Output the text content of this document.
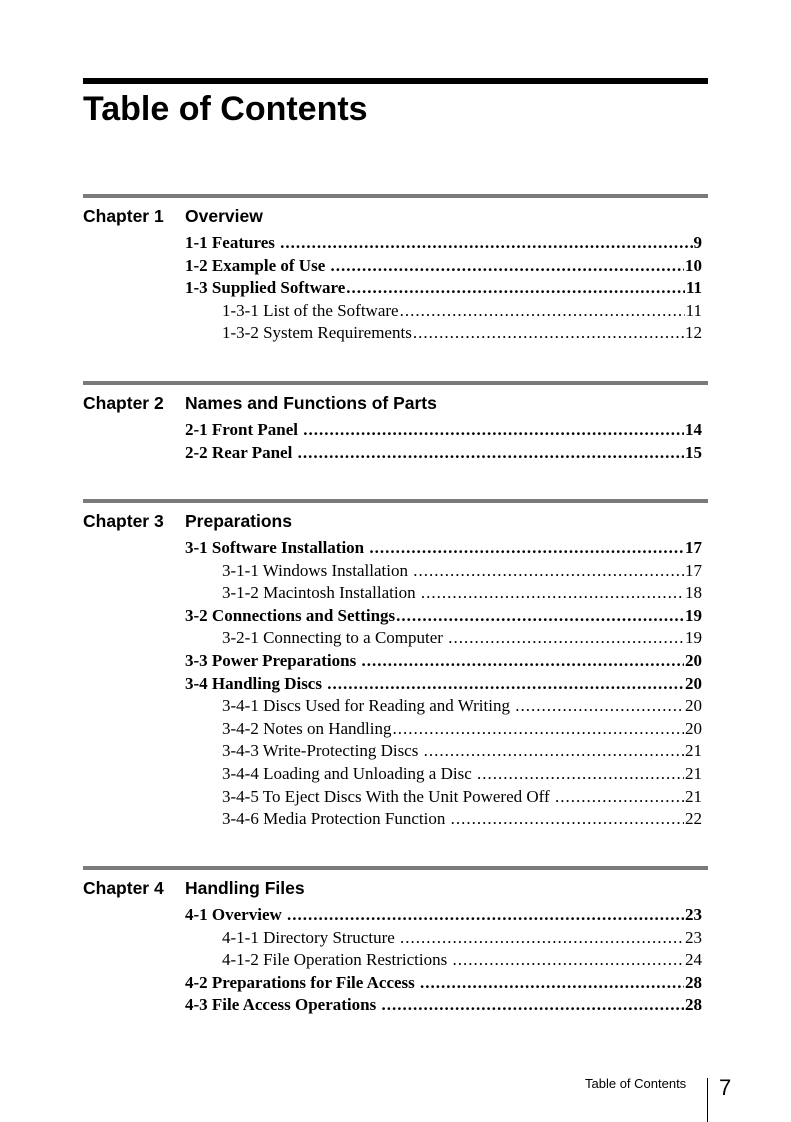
Table of Contents
Chapter 1 Overview
1-1 Features .....	9
1-2 Example of Use .....	10
1-3 Supplied Software .....	11
1-3-1 List of the Software .....	11
1-3-2 System Requirements .....	12
Chapter 2 Names and Functions of Parts
2-1 Front Panel .....	14
2-2 Rear Panel .....	15
Chapter 3 Preparations
3-1 Software Installation .....	17
3-1-1 Windows Installation .....	17
3-1-2 Macintosh Installation .....	18
3-2 Connections and Settings .....	19
3-2-1 Connecting to a Computer .....	19
3-3 Power Preparations .....	20
3-4 Handling Discs .....	20
3-4-1 Discs Used for Reading and Writing .....	20
3-4-2 Notes on Handling .....	20
3-4-3 Write-Protecting Discs .....	21
3-4-4 Loading and Unloading a Disc .....	21
3-4-5 To Eject Discs With the Unit Powered Off .....	21
3-4-6 Media Protection Function .....	22
Chapter 4 Handling Files
4-1 Overview .....	23
4-1-1 Directory Structure .....	23
4-1-2 File Operation Restrictions .....	24
4-2 Preparations for File Access .....	28
4-3 File Access Operations .....	28
Table of Contents 7
